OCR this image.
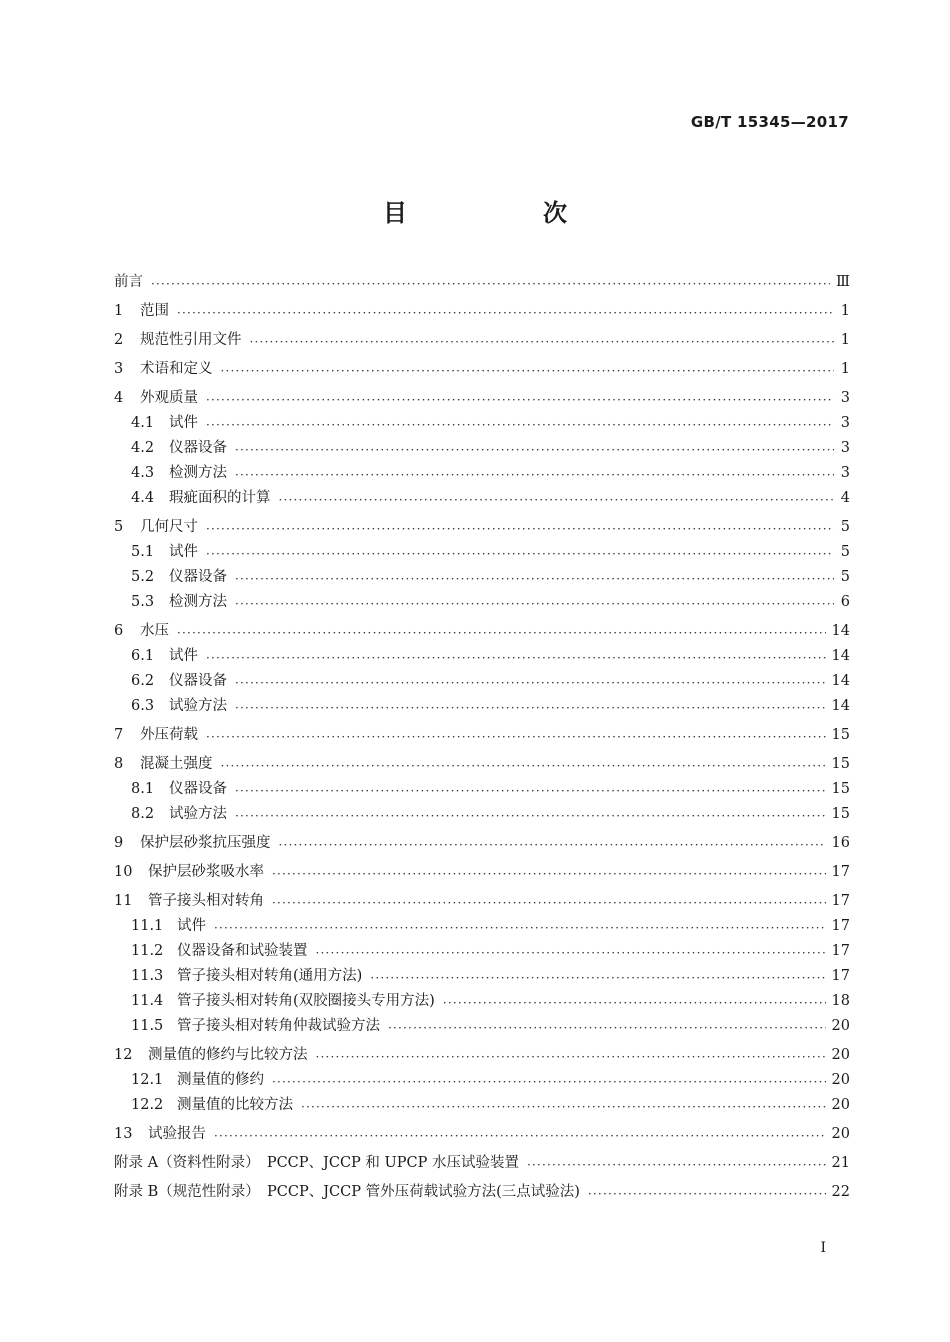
GB/T 15345—2017
目　次
前言 ·····	Ⅲ
1	范围 ·····	1
2	规范性引用文件 ·····	1
3	术语和定义 ·····	1
4	外观质量 ·····	3
4.1	试件 ·····	3
4.2	仪器设备 ·····	3
4.3	检测方法 ·····	3
4.4	瑕疵面积的计算 ·····	4
5	几何尺寸 ·····	5
5.1	试件 ·····	5
5.2	仪器设备 ·····	5
5.3	检测方法 ·····	6
6	水压 ·····	14
6.1	试件 ·····	14
6.2	仪器设备 ·····	14
6.3	试验方法 ·····	14
7	外压荷载 ·····	15
8	混凝土强度 ·····	15
8.1	仪器设备 ·····	15
8.2	试验方法 ·····	15
9	保护层砂浆抗压强度 ·····	16
10	保护层砂浆吸水率 ·····	17
11	管子接头相对转角 ·····	17
11.1 试件 ·····	17
11.2 仪器设备和试验装置 ·····	17
11.3 管子接头相对转角(通用方法) ·····	17
11.4 管子接头相对转角(双胶圈接头专用方法) ·····	18
11.5 管子接头相对转角仲裁试验方法 ·····	20
12	测量值的修约与比较方法 ·····	20
12.1 测量值的修约 ·····	20
12.2 测量值的比较方法 ·····	20
13	试验报告 ·····	20
附录 A（资料性附录）　PCCP、JCCP 和 UPCP 水压试验装置 ·····	21
附录 B（规范性附录）　PCCP、JCCP 管外压荷载试验方法(三点试验法) ·····	22
I
